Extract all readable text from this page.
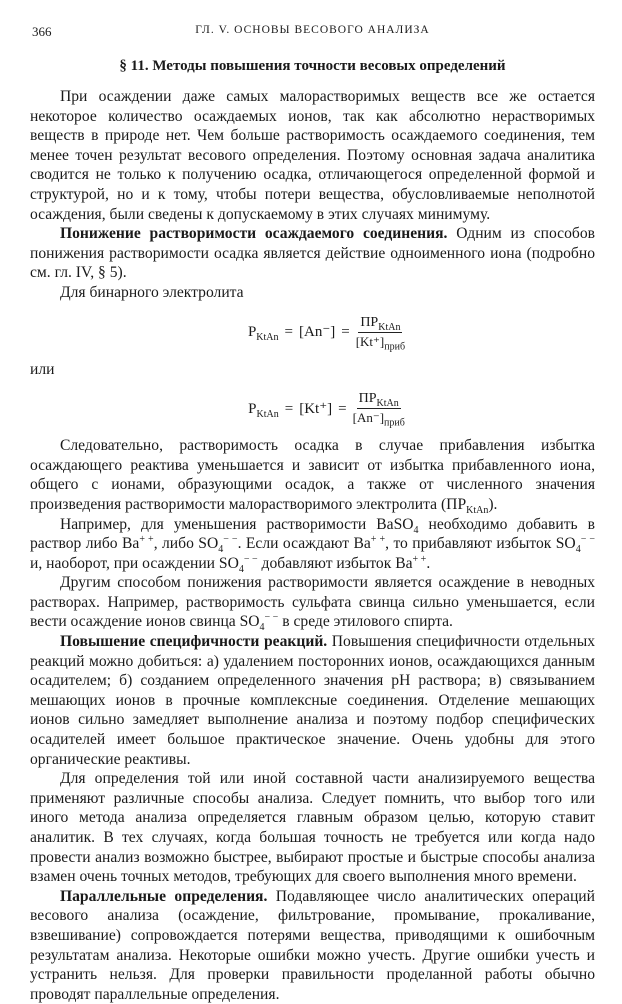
366	ГЛ. V. ОСНОВЫ ВЕСОВОГО АНАЛИЗА
§ 11. Методы повышения точности весовых определений

При осаждении даже самых малорастворимых веществ все же остается некоторое количество осаждаемых ионов, так как абсолютно нерастворимых веществ в природе нет. Чем больше растворимость осаждаемого соединения, тем менее точен результат весового определения. Поэтому основная задача аналитика сводится не только к получению осадка, отличающегося определенной формой и структурой, но и к тому, чтобы потери вещества, обусловливаемые неполнотой осаждения, были сведены к допускаемому в этих случаях минимуму.

Понижение растворимости осаждаемого соединения. Одним из способов понижения растворимости осадка является действие одноименного иона (подробно см. гл. IV, § 5).

Для бинарного электролита

$P_{KtAn} = [An^-] = \frac{ПР_{KtAn}}{[Kt^+]_{приб}}$
или
$P_{KtAn} = [Kt^+] = \frac{ПР_{KtAn}}{[An^-]_{приб}}$

Следовательно, растворимость осадка в случае прибавления избытка осаждающего реактива уменьшается и зависит от избытка прибавленного иона, общего с ионами, образующими осадок, а также от численного значения произведения растворимости малорастворимого электролита $(ПР_{KtAn})$.

Например, для уменьшения растворимости BaSO$_4$ необходимо добавить в раствор либо Ba+ +, либо $SO_4^{- -}$. Если осаждают Ba+ +, то прибавляют избыток $SO_4^{- -}$ и, наоборот, при осаждении $SO_4^{- -}$ добавляют избыток Ba+ +.

Другим способом понижения растворимости является осаждение в неводных растворах. Например, растворимость сульфата свинца сильно уменьшается, если вести осаждение ионов свинца $SO_4^{- -}$ в среде этилового спирта.

Повышение специфичности реакций. Повышения специфичности отдельных реакций можно добиться: а) удалением посторонних ионов, осаждающихся данным осадителем; б) созданием определенного значения pH раствора; в) связыванием мешающих ионов в прочные комплексные соединения. Отделение мешающих ионов сильно замедляет выполнение анализа и поэтому подбор специфических осадителей имеет большое практическое значение. Очень удобны для этого органические реактивы.

Для определения той или иной составной части анализируемого вещества применяют различные способы анализа. Следует помнить, что выбор того или иного метода анализа определяется главным образом целью, которую ставит аналитик. В тех случаях, когда большая точность не требуется или когда надо провести анализ возможно быстрее, выбирают простые и быстрые способы анализа взамен очень точных методов, требующих для своего выполнения много времени.

Параллельные определения. Подавляющее число аналитических операций весового анализа (осаждение, фильтрование, промывание, прокаливание, взвешивание) сопровождается потерями вещества, приводящими к ошибочным результатам анализа. Некоторые ошибки можно учесть. Другие ошибки учесть и устранить нельзя. Для проверки правильности проделанной работы обычно проводят параллельные определения.
